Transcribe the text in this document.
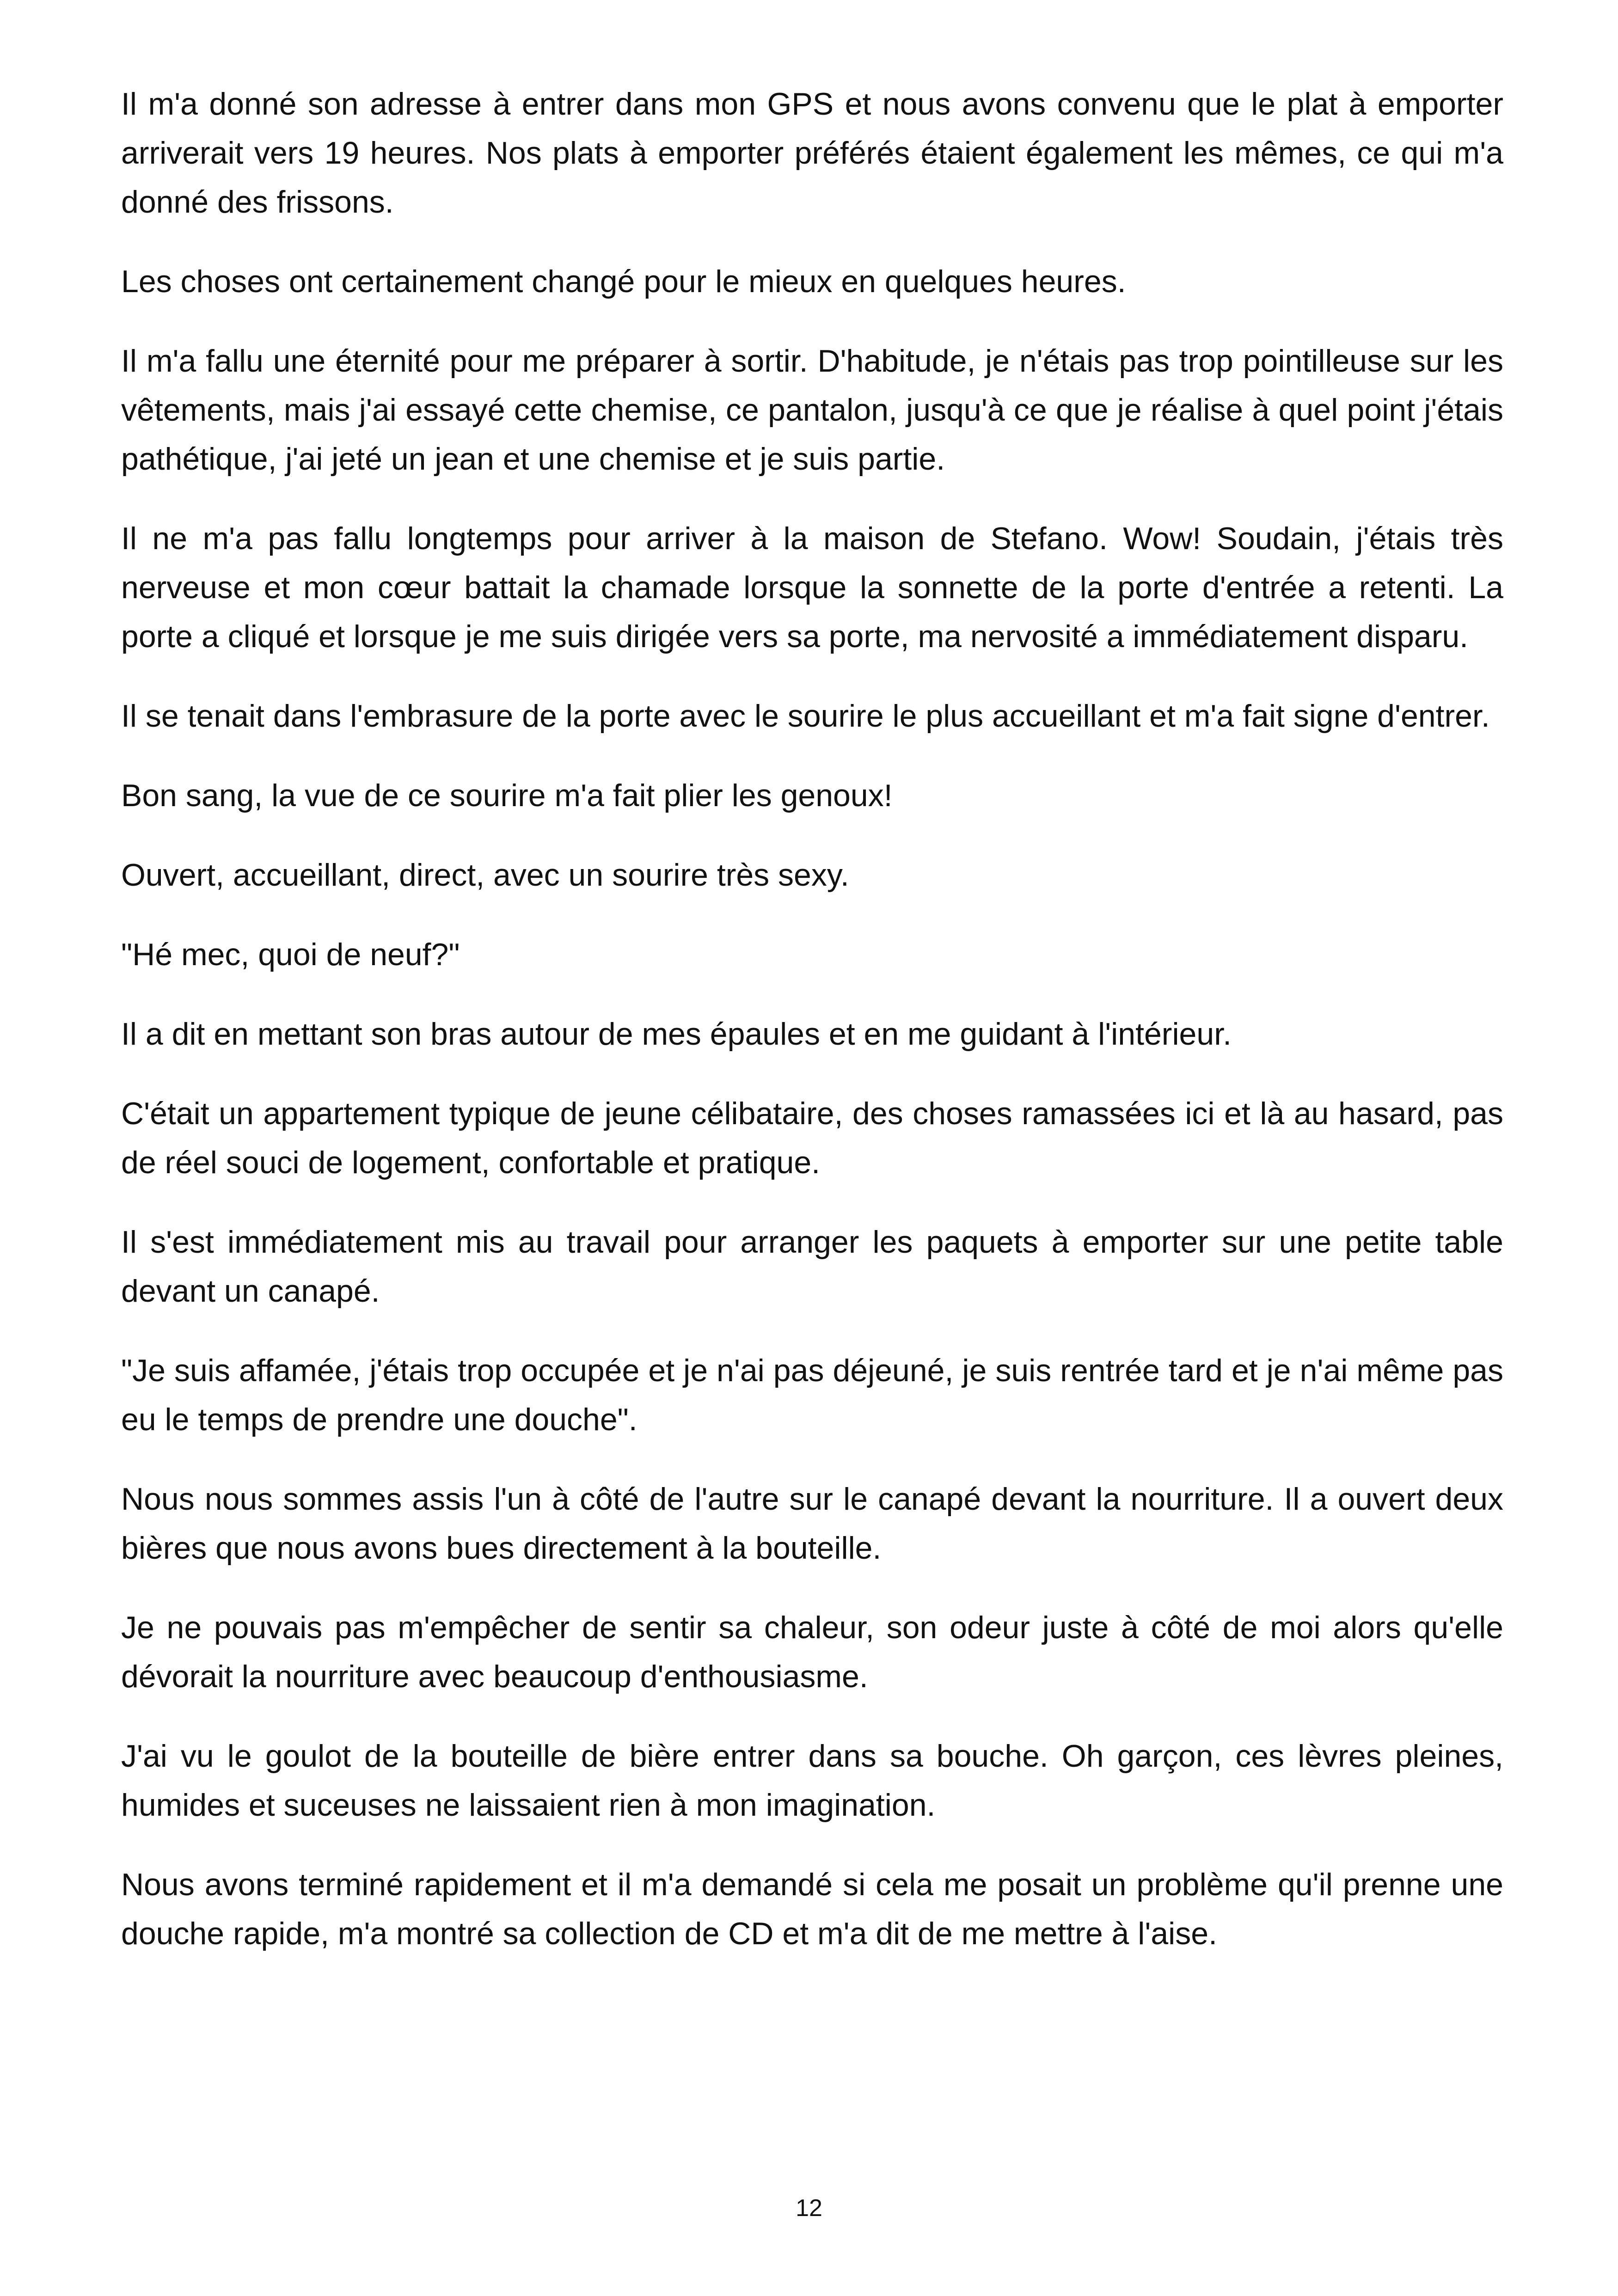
Il m'a donné son adresse à entrer dans mon GPS et nous avons convenu que le plat à emporter arriverait vers 19 heures. Nos plats à emporter préférés étaient également les mêmes, ce qui m'a donné des frissons.

Les choses ont certainement changé pour le mieux en quelques heures.

Il m'a fallu une éternité pour me préparer à sortir. D'habitude, je n'étais pas trop pointilleuse sur les vêtements, mais j'ai essayé cette chemise, ce pantalon, jusqu'à ce que je réalise à quel point j'étais pathétique, j'ai jeté un jean et une chemise et je suis partie.

Il ne m'a pas fallu longtemps pour arriver à la maison de Stefano. Wow! Soudain, j'étais très nerveuse et mon cœur battait la chamade lorsque la sonnette de la porte d'entrée a retenti. La porte a cliqué et lorsque je me suis dirigée vers sa porte, ma nervosité a immédiatement disparu.

Il se tenait dans l'embrasure de la porte avec le sourire le plus accueillant et m'a fait signe d'entrer.

Bon sang, la vue de ce sourire m'a fait plier les genoux!

Ouvert, accueillant, direct, avec un sourire très sexy.

"Hé mec, quoi de neuf?"

Il a dit en mettant son bras autour de mes épaules et en me guidant à l'intérieur.

C'était un appartement typique de jeune célibataire, des choses ramassées ici et là au hasard, pas de réel souci de logement, confortable et pratique.

Il s'est immédiatement mis au travail pour arranger les paquets à emporter sur une petite table devant un canapé.

"Je suis affamée, j'étais trop occupée et je n'ai pas déjeuné, je suis rentrée tard et je n'ai même pas eu le temps de prendre une douche".

Nous nous sommes assis l'un à côté de l'autre sur le canapé devant la nourriture. Il a ouvert deux bières que nous avons bues directement à la bouteille.

Je ne pouvais pas m'empêcher de sentir sa chaleur, son odeur juste à côté de moi alors qu'elle dévorait la nourriture avec beaucoup d'enthousiasme.

J'ai vu le goulot de la bouteille de bière entrer dans sa bouche. Oh garçon, ces lèvres pleines, humides et suceuses ne laissaient rien à mon imagination.

Nous avons terminé rapidement et il m'a demandé si cela me posait un problème qu'il prenne une douche rapide, m'a montré sa collection de CD et m'a dit de me mettre à l'aise.

12
